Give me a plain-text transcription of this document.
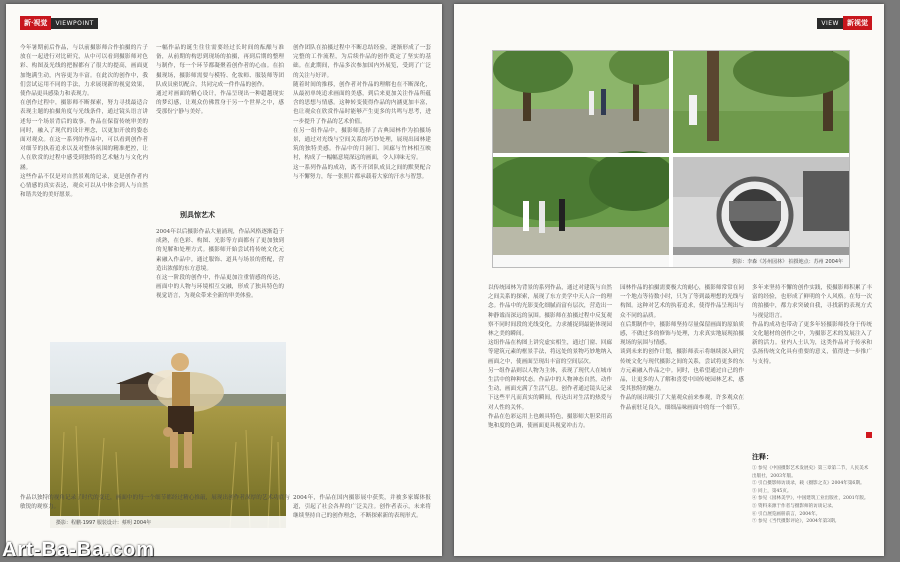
新·视觉	VIEWPOINT
今年暑期前后作品，与以前摄影师合作拍摄的片子放在一起进行对比研究，从中可以看到摄影师对色彩、构图及光线的把握都有了很大的提高，画面更加饱满生动，内容更为丰富。在此次的创作中，我们尝试运用不同的手法，力求展现新的视觉效果，使作品更具感染力和表现力。
在创作过程中，摄影师不断探索，努力寻找最适合表现主题的拍摄角度与光线条件，通过镜头语言讲述每一个场景背后的故事。作品在保留传统审美的同时，融入了现代的设计理念，以更加开放的姿态面对观众。在这一系列的作品中，可以看到创作者对细节的执着追求以及对整体氛围的精准把控，让人在欣赏的过程中感受到独特的艺术魅力与文化内涵。
这些作品不仅是对自然景观的记录，更是创作者内心情感的真实表达，观众可以从中体会到人与自然和谐共处的美好愿景。
一幅作品的诞生往往需要经过长时间的酝酿与准备，从前期的构思到现场的拍摄，再到后期的整理与制作，每一个环节都凝聚着创作者的心血。在拍摄现场，摄影师需要与模特、化妆师、服装师等团队成员密切配合，共同完成一件作品的创作。
通过对画面的精心设计，作品呈现出一种超越现实的梦幻感，让观众仿佛置身于另一个世界之中，感受那份宁静与美好。
别具惊艺术
2004年以后摄影作品大量涌现，作品风格逐渐趋于成熟，在色彩、构图、光影等方面都有了更加独到的见解和处理方式。摄影师开始尝试将传统文化元素融入作品中，通过服饰、道具与场景的搭配，营造出浓郁的东方意境。
在这一阶段的创作中，作品更加注重情感的传达，画面中的人物与环境相互交融，形成了独具特色的视觉语言，为观众带来全新的审美体验。
创作团队在拍摄过程中不断总结经验，逐渐形成了一套完整的工作流程，为后续作品的创作奠定了坚实的基础。在此期间，作品多次参加国内外展览，受到了广泛的关注与好评。
随着时间的推移，创作者对作品的理解也在不断深化，从最初单纯追求画面的美感，到后来更加关注作品所蕴含的思想与情感。这种转变使得作品的内涵更加丰富，也让观众在欣赏作品时能够产生更多的共鸣与思考，进一步提升了作品的艺术价值。
在另一组作品中，摄影师选择了古典园林作为拍摄场景，通过对光线与空间关系的巧妙处理，展现出园林建筑的独特美感。作品中的月洞门、回廊与竹林相互映衬，构成了一幅幅意境深远的画面，令人回味无穷。
这一系列作品的成功，离不开团队成员之间的默契配合与不懈努力，每一张照片都承载着大家的汗水与智慧。
摄影：程鹏·1997 服装设计：蔡明 2004年
作品以独特的视角记录了时代的变迁，画面中的每一个细节都经过精心推敲，展现出创作者深厚的艺术功底与敏锐的观察力。
2004年，作品在国内摄影展中获奖，并被多家媒体报道，引起了社会各界的广泛关注。创作者表示，未来将继续坚持自己的创作理念，不断探索新的表现形式。
VIEW	新视觉
摄影：李森《苏州园林》 拍摄地点：苏州 2004年
以传统园林为背景的系列作品，通过对建筑与自然之间关系的探索，展现了东方美学中天人合一的理念。作品中的光影变化细腻而富有层次，营造出一种静谧而深远的氛围。摄影师在拍摄过程中反复观察不同时间段的光线变化，力求捕捉到最能体现园林之美的瞬间。
这组作品在构图上讲究虚实相生，通过门窗、回廊等建筑元素的框景手法，将远处的景物巧妙地纳入画面之中，使画面呈现出丰富的空间层次。
另一组作品则以人物为主体，表现了现代人在城市生活中的种种状态。作品中的人物神态自然，动作生动，画面充满了生活气息。创作者通过镜头记录下这些平凡而真实的瞬间，传达出对生活的热爱与对人性的关怀。
作品在色彩运用上也颇具特色，摄影师大胆采用高饱和度的色调，使画面更具视觉冲击力。
园林作品的拍摄需要极大的耐心，摄影师常常在同一个地点等待数小时，只为了等到最理想的光线与构图。这种对艺术的执着追求，使得作品呈现出与众不同的品质。
在后期制作中，摄影师坚持尽量保留画面的原始质感，不做过多的修饰与处理，力求真实地展现拍摄现场的氛围与情感。
谈到未来的创作计划，摄影师表示将继续深入研究传统文化与现代摄影之间的关系，尝试将更多的东方元素融入作品之中。同时，也希望通过自己的作品，让更多的人了解和喜爱中国传统园林艺术，感受其独特的魅力。
作品的展出吸引了大量观众前来参观，许多观众在作品前驻足良久，细细品味画面中的每一个细节。
多年来坚持不懈的创作实践，使摄影师积累了丰富的经验，也形成了鲜明的个人风格。在每一次的拍摄中，都力求突破自我，寻找新的表现方式与视觉语言。
作品的成功也带动了更多年轻摄影师投身于传统文化题材的创作之中，为摄影艺术的发展注入了新的活力。业内人士认为，这类作品对于传承和弘扬传统文化具有重要的意义，值得进一步推广与支持。
注释：
① 参见《中国摄影艺术发展史》第三章第二节，人民美术出版社，2003年版。
② 引自摄影师访谈录，载《摄影之友》2004年第6期。
③ 同上，第45页。
④ 参见《园林美学》，中国建筑工业出版社，2001年版。
⑤ 资料来源于作者与摄影师的访谈记录。
⑥ 引自展览画册前言，2004年。
⑦ 参见《当代摄影评论》，2004年第3期。
Art-Ba-Ba.com
